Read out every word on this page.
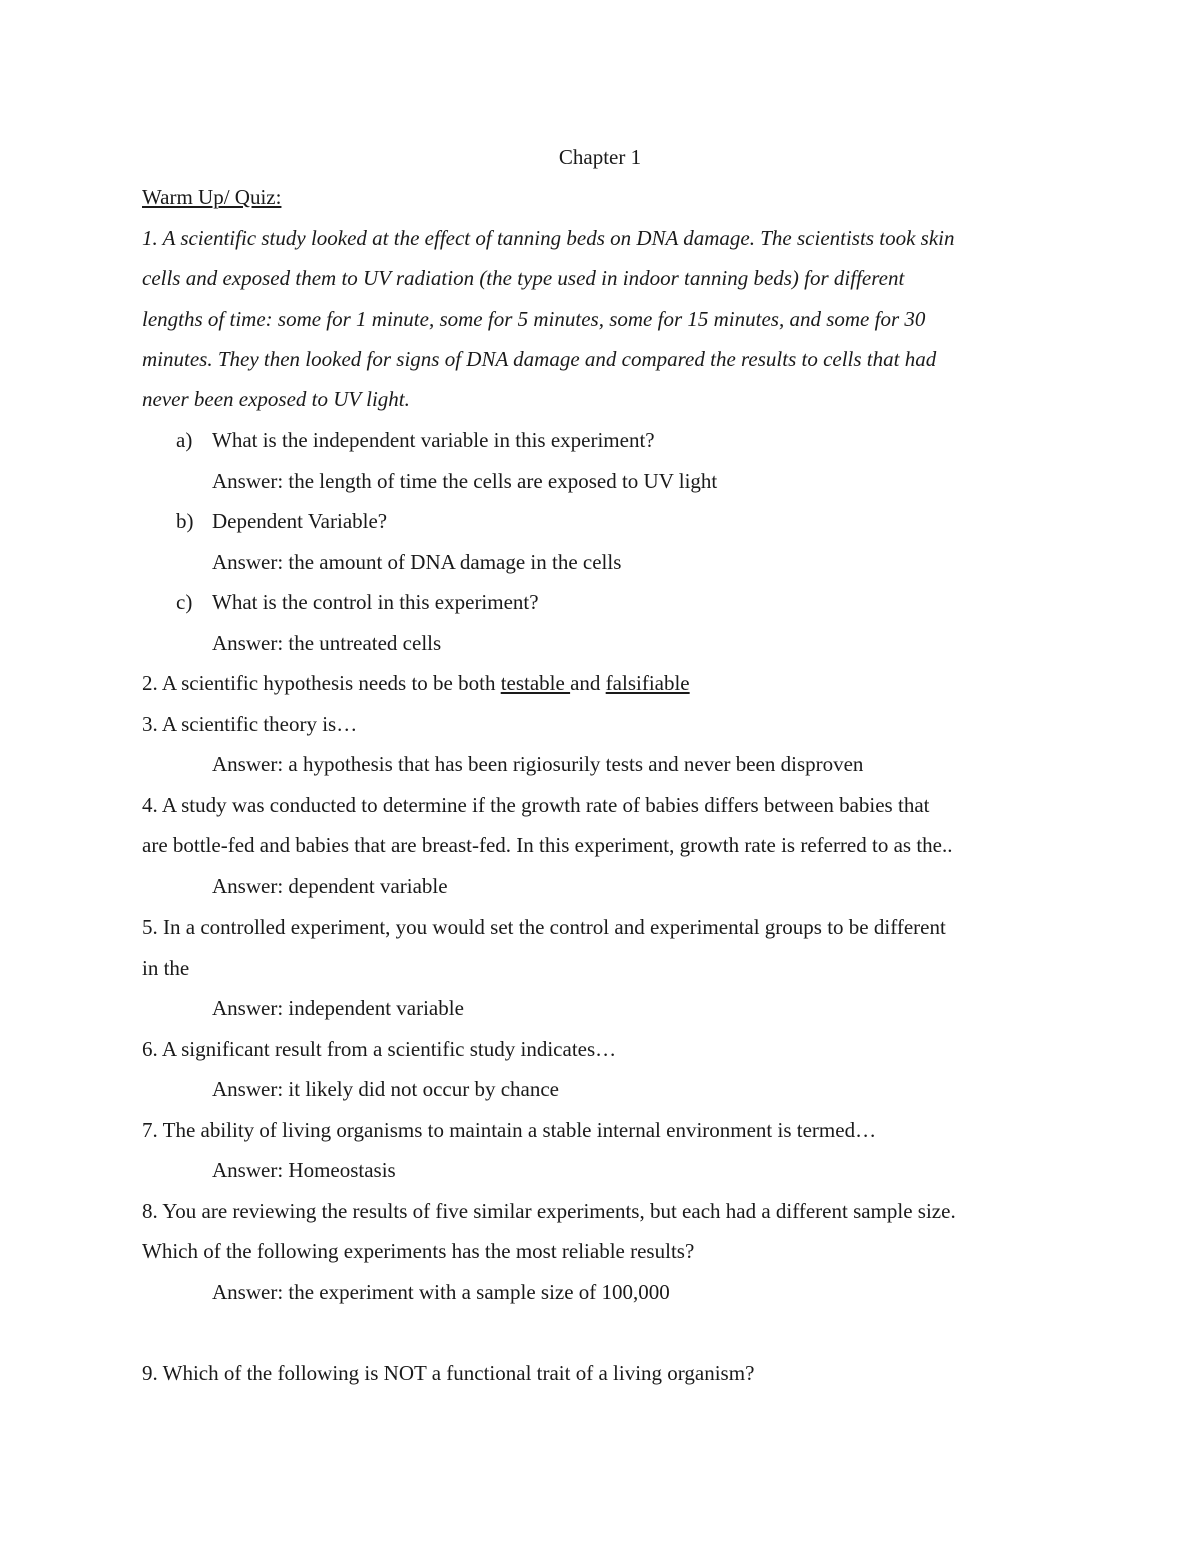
Chapter 1
Warm Up/ Quiz:
1. A scientific study looked at the effect of tanning beds on DNA damage. The scientists took skin
cells and exposed them to UV radiation (the type used in indoor tanning beds) for different
lengths of time: some for 1 minute, some for 5 minutes, some for 15 minutes, and some for 30
minutes. They then looked for signs of DNA damage and compared the results to cells that had
never been exposed to UV light.
a) What is the independent variable in this experiment?
Answer: the length of time the cells are exposed to UV light
b) Dependent Variable?
Answer: the amount of DNA damage in the cells
c) What is the control in this experiment?
Answer: the untreated cells
2. A scientific hypothesis needs to be both testable and falsifiable
3. A scientific theory is…
Answer: a hypothesis that has been rigiosurily tests and never been disproven
4. A study was conducted to determine if the growth rate of babies differs between babies that
are bottle-fed and babies that are breast-fed. In this experiment, growth rate is referred to as the..
Answer: dependent variable
5. In a controlled experiment, you would set the control and experimental groups to be different
in the
Answer: independent variable
6. A significant result from a scientific study indicates…
Answer: it likely did not occur by chance
7. The ability of living organisms to maintain a stable internal environment is termed…
Answer: Homeostasis
8. You are reviewing the results of five similar experiments, but each had a different sample size.
Which of the following experiments has the most reliable results?
Answer: the experiment with a sample size of 100,000
9. Which of the following is NOT a functional trait of a living organism?
